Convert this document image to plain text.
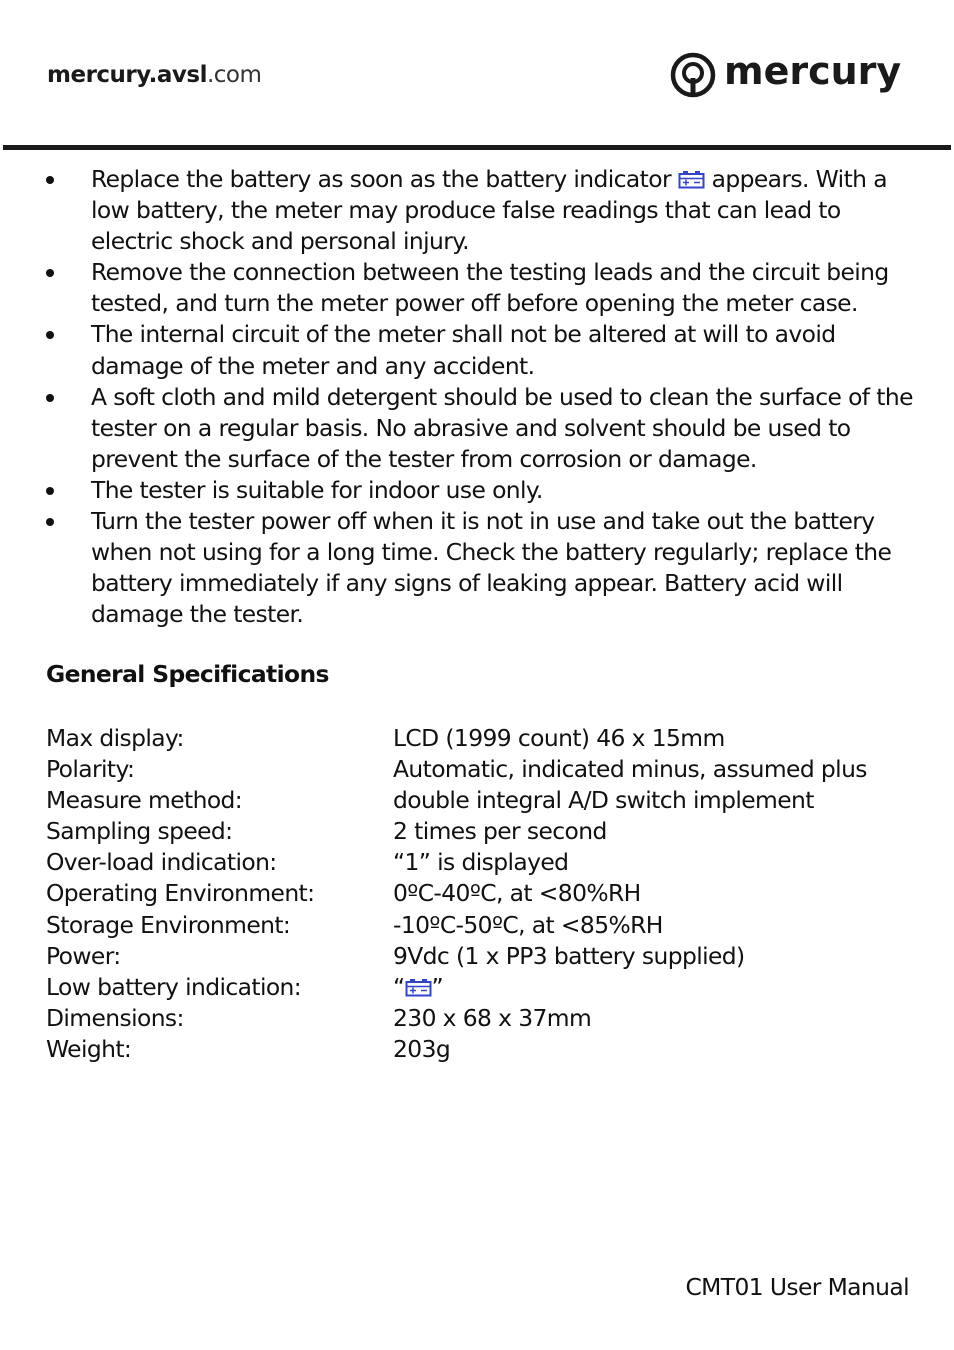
mercury.avsl.com	mercury
Replace the battery as soon as the battery indicator  appears. With a low battery, the meter may produce false readings that can lead to electric shock and personal injury.
Remove the connection between the testing leads and the circuit being tested, and turn the meter power off before opening the meter case.
The internal circuit of the meter shall not be altered at will to avoid damage of the meter and any accident.
A soft cloth and mild detergent should be used to clean the surface of the tester on a regular basis. No abrasive and solvent should be used to prevent the surface of the tester from corrosion or damage.
The tester is suitable for indoor use only.
Turn the tester power off when it is not in use and take out the battery when not using for a long time. Check the battery regularly; replace the battery immediately if any signs of leaking appear. Battery acid will damage the tester.
General Specifications
Max display:	LCD (1999 count) 46 x 15mm
Polarity:	Automatic, indicated minus, assumed plus
Measure method:	double integral A/D switch implement
Sampling speed:	2 times per second
Over-load indication:	“1” is displayed
Operating Environment:	0ºC-40ºC, at <80%RH
Storage Environment:	-10ºC-50ºC, at <85%RH
Power:	9Vdc (1 x PP3 battery supplied)
Low battery indication:	“ ”
Dimensions:	230 x 68 x 37mm
Weight:	203g
CMT01 User Manual
